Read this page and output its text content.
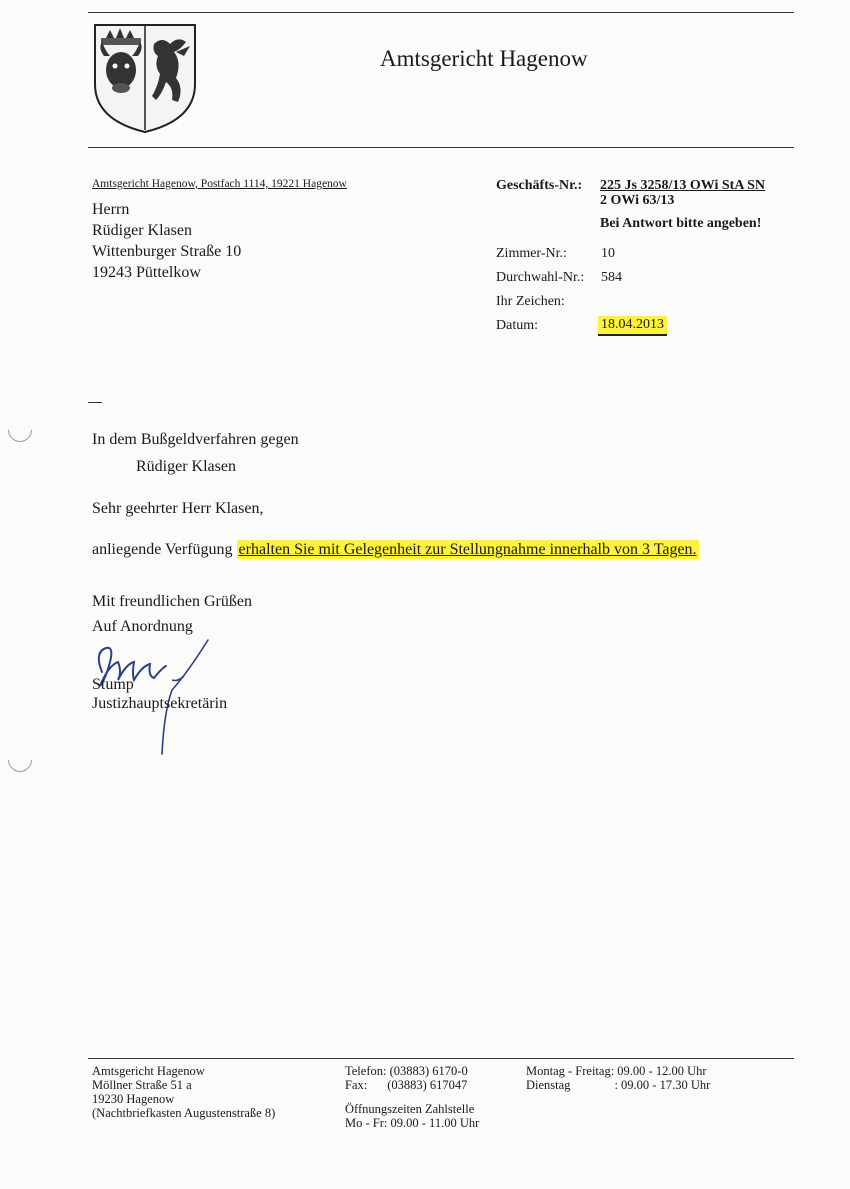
Amtsgericht Hagenow
Amtsgericht Hagenow, Postfach 1114, 19221 Hagenow
Herrn
Rüdiger Klasen
Wittenburger Straße 10
19243 Püttelkow
Geschäfts-Nr.: 225 Js 3258/13 OWi StA SN
2 OWi 63/13
Bei Antwort bitte angeben!
Zimmer-Nr.: 10
Durchwahl-Nr.: 584
Ihr Zeichen:
Datum:	18.04.2013
In dem Bußgeldverfahren gegen
Rüdiger Klasen
Sehr geehrter Herr Klasen,
anliegende Verfügung erhalten Sie mit Gelegenheit zur Stellungnahme innerhalb von 3 Tagen.
Mit freundlichen Grüßen
Auf Anordnung
Stump
Justizhauptsekretärin
Amtsgericht Hagenow
Möllner Straße 51 a
19230 Hagenow
(Nachtbriefkasten Augustenstraße 8)
Telefon: (03883) 6170-0
Fax: (03883) 617047
Öffnungszeiten Zahlstelle
Mo - Fr: 09.00 - 11.00 Uhr
Montag - Freitag: 09.00 - 12.00 Uhr
Dienstag	: 09.00 - 17.30 Uhr
